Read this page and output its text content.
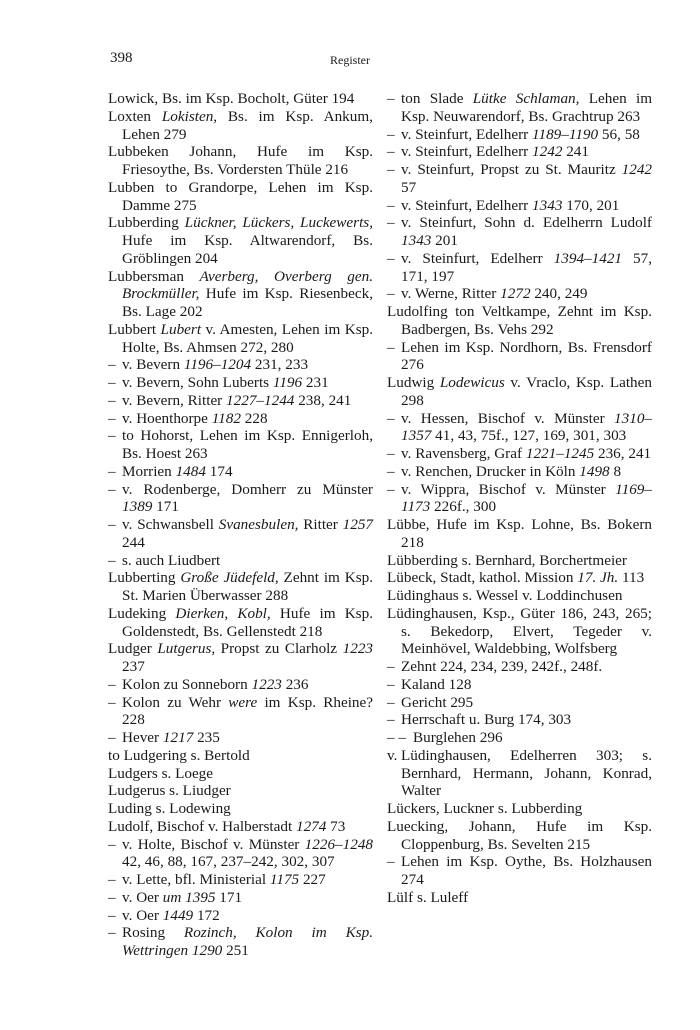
398	Register
Lowick, Bs. im Ksp. Bocholt, Güter 194
Loxten Lokisten, Bs. im Ksp. Ankum, Lehen 279
Lubbeken Johann, Hufe im Ksp. Friesoythe, Bs. Vordersten Thüle 216
Lubben to Grandorpe, Lehen im Ksp. Damme 275
Lubberding Lückner, Lückers, Luckewerts, Hufe im Ksp. Altwarendorf, Bs. Gröblingen 204
Lubbersman Averberg, Overberg gen. Brockmüller, Hufe im Ksp. Riesenbeck, Bs. Lage 202
Lubbert Lubert v. Amesten, Lehen im Ksp. Holte, Bs. Ahmsen 272, 280
– v. Bevern 1196–1204 231, 233
– v. Bevern, Sohn Luberts 1196 231
– v. Bevern, Ritter 1227–1244 238, 241
– v. Hoenthorpe 1182 228
– to Hohorst, Lehen im Ksp. Ennigerloh, Bs. Hoest 263
– Morrien 1484 174
– v. Rodenberge, Domherr zu Münster 1389 171
– v. Schwansbell Svanesbulen, Ritter 1257 244
– s. auch Liudbert
Lubberting Große Jüdefeld, Zehnt im Ksp. St. Marien Überwasser 288
Ludeking Dierken, Kobl, Hufe im Ksp. Goldenstedt, Bs. Gellenstedt 218
Ludger Lutgerus, Propst zu Clarholz 1223 237
– Kolon zu Sonneborn 1223 236
– Kolon zu Wehr were im Ksp. Rheine? 228
– Hever 1217 235
to Ludgering s. Bertold
Ludgers s. Loege
Ludgerus s. Liudger
Luding s. Lodewing
Ludolf, Bischof v. Halberstadt 1274 73
– v. Holte, Bischof v. Münster 1226–1248 42, 46, 88, 167, 237–242, 302, 307
– v. Lette, bfl. Ministerial 1175 227
– v. Oer um 1395 171
– v. Oer 1449 172
– Rosing Rozinch, Kolon im Ksp. Wettringen 1290 251
– ton Slade Lütke Schlaman, Lehen im Ksp. Neuwarendorf, Bs. Grachtrup 263
– v. Steinfurt, Edelherr 1189–1190 56, 58
– v. Steinfurt, Edelherr 1242 241
– v. Steinfurt, Propst zu St. Mauritz 1242 57
– v. Steinfurt, Edelherr 1343 170, 201
– v. Steinfurt, Sohn d. Edelherrn Ludolf 1343 201
– v. Steinfurt, Edelherr 1394–1421 57, 171, 197
– v. Werne, Ritter 1272 240, 249
Ludolfing ton Veltkampe, Zehnt im Ksp. Badbergen, Bs. Vehs 292
– Lehen im Ksp. Nordhorn, Bs. Frensdorf 276
Ludwig Lodewicus v. Vraclo, Ksp. Lathen 298
– v. Hessen, Bischof v. Münster 1310–1357 41, 43, 75f., 127, 169, 301, 303
– v. Ravensberg, Graf 1221–1245 236, 241
– v. Renchen, Drucker in Köln 1498 8
– v. Wippra, Bischof v. Münster 1169–1173 226f., 300
Lübbe, Hufe im Ksp. Lohne, Bs. Bokern 218
Lübberding s. Bernhard, Borchertmeier
Lübeck, Stadt, kathol. Mission 17. Jh. 113
Lüdinghaus s. Wessel v. Loddinchusen
Lüdinghausen, Ksp., Güter 186, 243, 265; s. Bekedorp, Elvert, Tegeder v. Meinhövel, Waldebbing, Wolfsberg
– Zehnt 224, 234, 239, 242f., 248f.
– Kaland 128
– Gericht 295
– Herrschaft u. Burg 174, 303
– – Burglehen 296
v. Lüdinghausen, Edelherren 303; s. Bernhard, Hermann, Johann, Konrad, Walter
Lückers, Luckner s. Lubberding
Luecking, Johann, Hufe im Ksp. Cloppenburg, Bs. Sevelten 215
– Lehen im Ksp. Oythe, Bs. Holzhausen 274
Lülf s. Luleff
